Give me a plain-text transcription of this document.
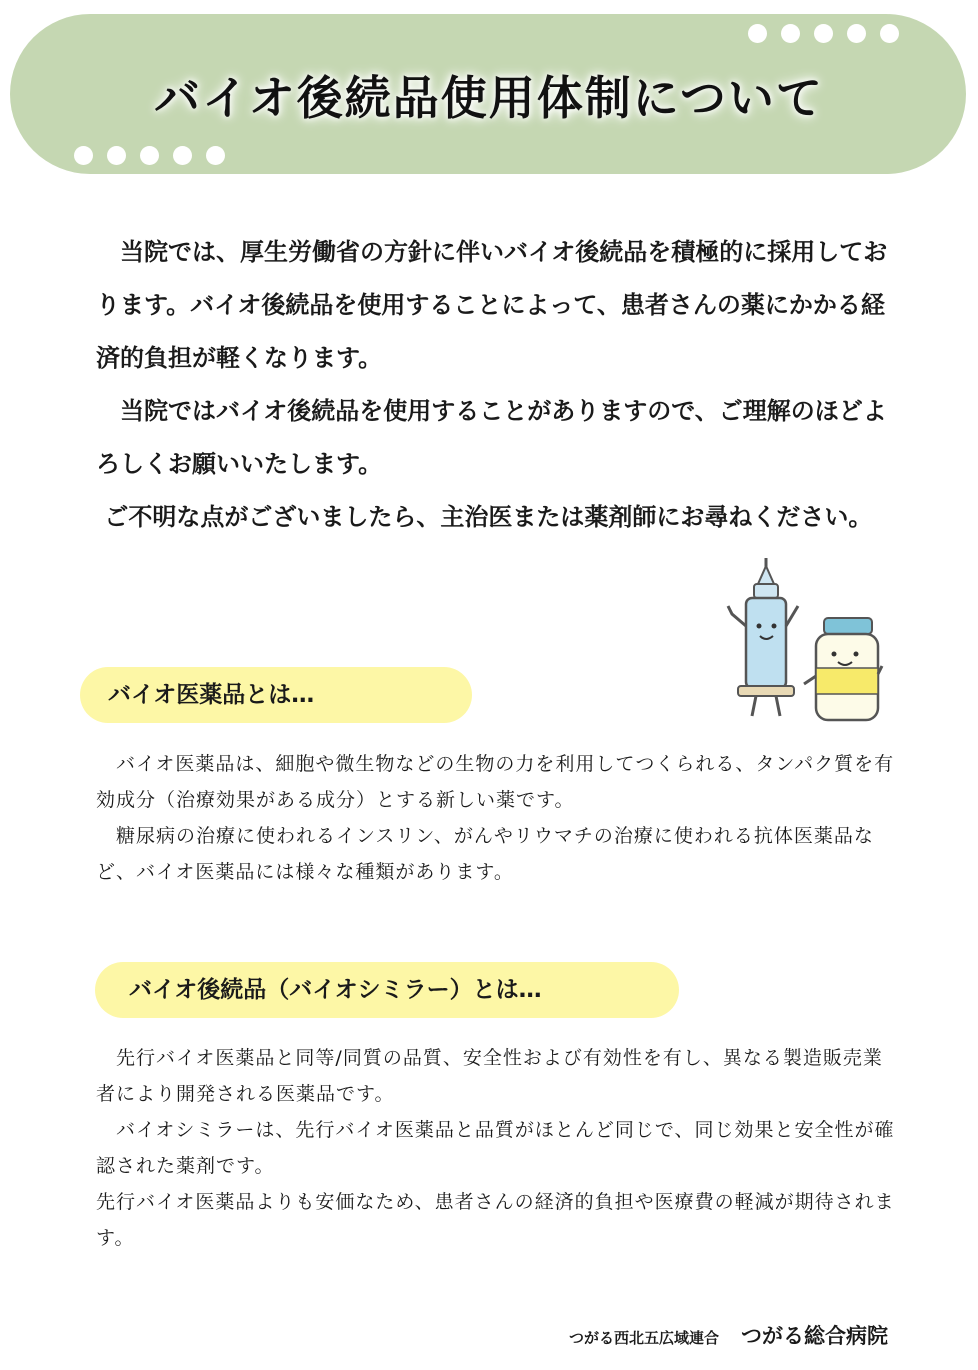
バイオ後続品使用体制について

　当院では、厚生労働省の方針に伴いバイオ後続品を積極的に採用しております。バイオ後続品を使用することによって、患者さんの薬にかかる経済的負担が軽くなります。

　当院ではバイオ後続品を使用することがありますので、ご理解のほどよろしくお願いいたします。

ご不明な点がございましたら、主治医または薬剤師にお尋ねください。

バイオ医薬品とは…

　バイオ医薬品は、細胞や微生物などの生物の力を利用してつくられる、タンパク質を有効成分（治療効果がある成分）とする新しい薬です。

　糖尿病の治療に使われるインスリン、がんやリウマチの治療に使われる抗体医薬品など、バイオ医薬品には様々な種類があります。

バイオ後続品（バイオシミラー）とは…

　先行バイオ医薬品と同等/同質の品質、安全性および有効性を有し、異なる製造販売業者により開発される医薬品です。

　バイオシミラーは、先行バイオ医薬品と品質がほとんど同じで、同じ効果と安全性が確認された薬剤です。

先行バイオ医薬品よりも安価なため、患者さんの経済的負担や医療費の軽減が期待されます。

つがる西北五広域連合 つがる総合病院
